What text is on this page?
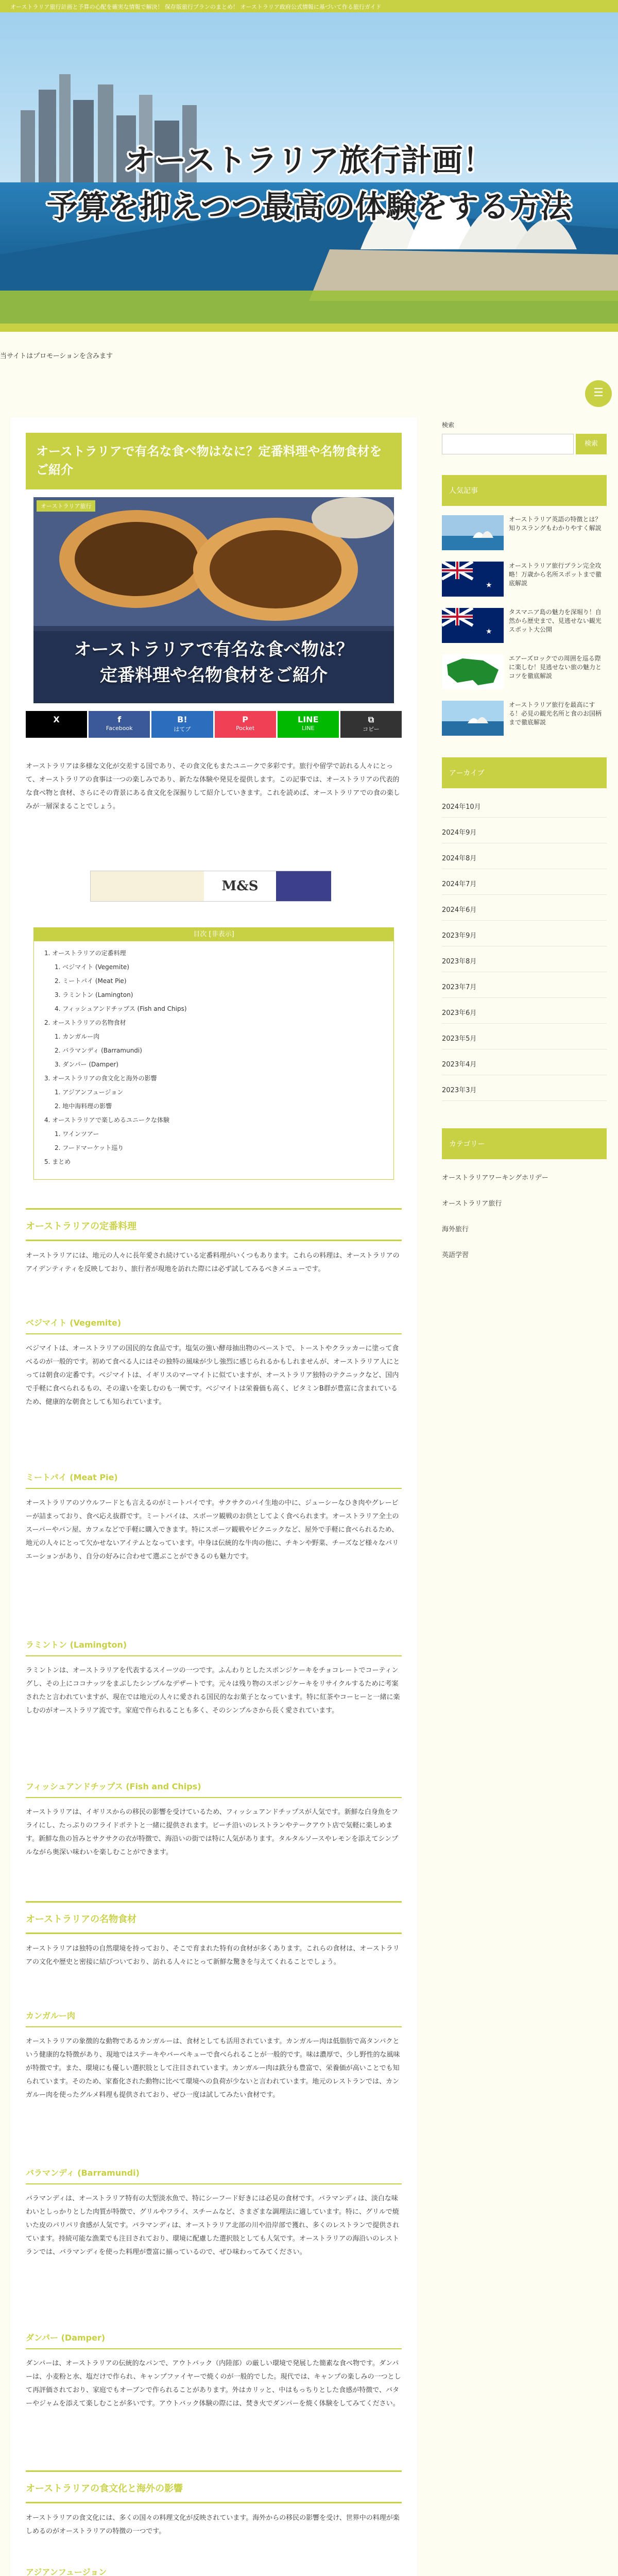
オーストラリア旅行計画と予算の心配を確実な情報で解決！ 保存版旅行プランのまとめ！ オーストラリア政府公式情報に基づいて作る旅行ガイド
オーストラリア旅行計画！
予算を抑えつつ最高の体験をする方法
当サイトはプロモーションを含みます
☰
オーストラリアで有名な食べ物はなに？定番料理や名物食材をご紹介
オーストラリア旅行
オーストラリアで有名な食べ物は？
定番料理や名物食材をご紹介
X	f
Facebook
B!
はてブ
P
Pocket
LINE
LINE
⧉
コピー
オーストラリアは多様な文化が交差する国であり、その食文化もまたユニークで多彩です。旅行や留学で訪れる人々にとって、オーストラリアの食事は一つの楽しみであり、新たな体験や発見を提供します。この記事では、オーストラリアの代表的な食べ物と食材、さらにその背景にある食文化を深掘りして紹介していきます。これを読めば、オーストラリアでの食の楽しみが一層深まることでしょう。
M&S
目次 [非表示]
1. オーストラリアの定番料理
1. ベジマイト (Vegemite)
2. ミートパイ (Meat Pie)
3. ラミントン (Lamington)
4. フィッシュアンドチップス (Fish and Chips)
2. オーストラリアの名物食材
1. カンガルー肉
2. バラマンディ (Barramundi)
3. ダンパー (Damper)
3. オーストラリアの食文化と海外の影響
1. アジアンフュージョン
2. 地中海料理の影響
4. オーストラリアで楽しめるユニークな体験
1. ワインツアー
2. フードマーケット巡り
5. まとめ
オーストラリアの定番料理
オーストラリアには、地元の人々に長年愛され続けている定番料理がいくつもあります。これらの料理は、オーストラリアのアイデンティティを反映しており、旅行者が現地を訪れた際には必ず試してみるべきメニューです。
ベジマイト (Vegemite)
ベジマイトは、オーストラリアの国民的な食品です。塩気の強い酵母抽出物のペーストで、トーストやクラッカーに塗って食べるのが一般的です。初めて食べる人にはその独特の風味が少し強烈に感じられるかもしれませんが、オーストラリア人にとっては朝食の定番です。ベジマイトは、イギリスのマーマイトに似ていますが、オーストラリア独特のテクニックなど、国内で手軽に食べられるもの、その違いを楽しむのも一興です。ベジマイトは栄養価も高く、ビタミンB群が豊富に含まれているため、健康的な朝食としても知られています。
ミートパイ (Meat Pie)
オーストラリアのソウルフードとも言えるのがミートパイです。サクサクのパイ生地の中に、ジューシーなひき肉やグレービーが詰まっており、食べ応え抜群です。ミートパイは、スポーツ観戦のお供としてよく食べられます。オーストラリア全土のスーパーやパン屋、カフェなどで手軽に購入できます。特にスポーツ観戦やピクニックなど、屋外で手軽に食べられるため、地元の人々にとって欠かせないアイテムとなっています。中身は伝統的な牛肉の他に、チキンや野菜、チーズなど様々なバリエーションがあり、自分の好みに合わせて選ぶことができるのも魅力です。
ラミントン (Lamington)
ラミントンは、オーストラリアを代表するスイーツの一つです。ふんわりとしたスポンジケーキをチョコレートでコーティングし、その上にココナッツをまぶしたシンプルなデザートです。元々は残り物のスポンジケーキをリサイクルするために考案されたと言われていますが、現在では地元の人々に愛される国民的なお菓子となっています。特に紅茶やコーヒーと一緒に楽しむのがオーストラリア流です。家庭で作られることも多く、そのシンプルさから長く愛されています。
フィッシュアンドチップス (Fish and Chips)
オーストラリアは、イギリスからの移民の影響を受けているため、フィッシュアンドチップスが人気です。新鮮な白身魚をフライにし、たっぷりのフライドポテトと一緒に提供されます。ビーチ沿いのレストランやテークアウト店で気軽に楽しめます。新鮮な魚の旨みとサクサクの衣が特徴で、海沿いの街では特に人気があります。タルタルソースやレモンを添えてシンプルながら奥深い味わいを楽しむことができます。
オーストラリアの名物食材
オーストラリアは独特の自然環境を持っており、そこで育まれた特有の食材が多くあります。これらの食材は、オーストラリアの文化や歴史と密接に結びついており、訪れる人々にとって新鮮な驚きを与えてくれることでしょう。
カンガルー肉
オーストラリアの象徴的な動物であるカンガルーは、食材としても活用されています。カンガルー肉は低脂肪で高タンパクという健康的な特徴があり、現地ではステーキやバーベキューで食べられることが一般的です。味は濃厚で、少し野性的な風味が特徴です。また、環境にも優しい選択肢として注目されています。カンガルー肉は鉄分も豊富で、栄養価が高いことでも知られています。そのため、家畜化された動物に比べて環境への負荷が少ないと言われています。地元のレストランでは、カンガルー肉を使ったグルメ料理も提供されており、ぜひ一度は試してみたい食材です。
バラマンディ (Barramundi)
バラマンディは、オーストラリア特有の大型淡水魚で、特にシーフード好きには必見の食材です。バラマンディは、淡白な味わいとしっかりとした肉質が特徴で、グリルやフライ、スチームなど、さまざまな調理法に適しています。特に、グリルで焼いた皮のパリパリ食感が人気です。バラマンディは、オーストラリア北部の川や沿岸部で獲れ、多くのレストランで提供されています。持続可能な漁業でも注目されており、環境に配慮した選択肢としても人気です。オーストラリアの海沿いのレストランでは、バラマンディを使った料理が豊富に揃っているので、ぜひ味わってみてください。
ダンパー (Damper)
ダンパーは、オーストラリアの伝統的なパンで、アウトバック（内陸部）の厳しい環境で発展した簡素な食べ物です。ダンパーは、小麦粉と水、塩だけで作られ、キャンプファイヤーで焼くのが一般的でした。現代では、キャンプの楽しみの一つとして再評価されており、家庭でもオーブンで作られることがあります。外はカリッと、中はもっちりとした食感が特徴で、バターやジャムを添えて楽しむことが多いです。アウトバック体験の際には、焚き火でダンパーを焼く体験をしてみてください。
オーストラリアの食文化と海外の影響
オーストラリアの食文化には、多くの国々の料理文化が反映されています。海外からの移民の影響を受け、世界中の料理が楽しめるのがオーストラリアの特徴の一つです。
アジアンフュージョン
検索
検索
人気記事
オーストラリア英語の特徴とは？知りスラングもわかりやすく解説
★
オーストラリア旅行プラン完全攻略！万歳から名所スポットまで徹底解説
★
タスマニア島の魅力を深堀り！自然から歴史まで、見逃せない観光スポット大公開
エアーズロックでの周囲を巡る際に楽しむ！見逃せない旅の魅力とコツを徹底解説
オーストラリア旅行を最高にする！必見の観光名所と食のお国柄まで徹底解説
アーカイブ
2024年10月
2024年9月
2024年8月
2024年7月
2024年6月
2023年9月
2023年8月
2023年7月
2023年6月
2023年5月
2023年4月
2023年3月
カテゴリー
オーストラリアワーキングホリデー
オーストラリア旅行
海外旅行
英語学習
